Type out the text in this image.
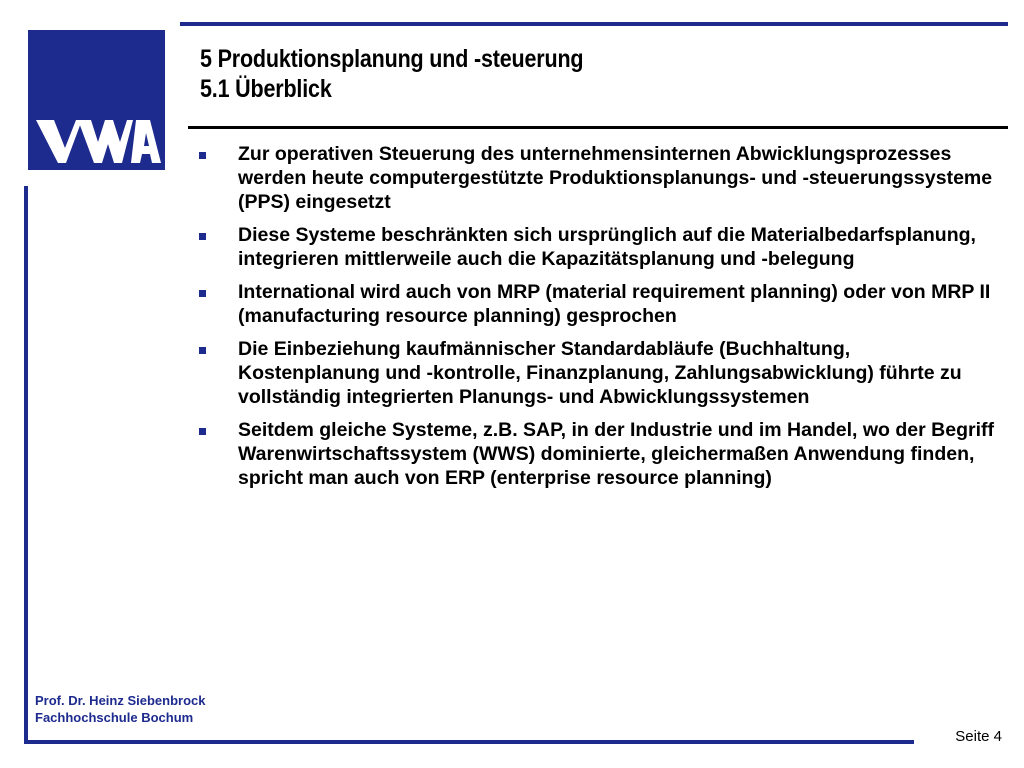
5 Produktionsplanung und -steuerung
5.1 Überblick
Zur operativen Steuerung des unternehmensinternen Abwicklungsprozesses werden heute computergestützte Produktionsplanungs- und -steuerungssysteme (PPS) eingesetzt
Diese Systeme beschränkten sich ursprünglich auf die Materialbedarfsplanung, integrieren mittlerweile auch die Kapazitätsplanung und -belegung
International wird auch von MRP (material requirement planning) oder von MRP II (manufacturing resource planning) gesprochen
Die Einbeziehung kaufmännischer Standardabläufe (Buchhaltung, Kostenplanung und -kontrolle, Finanzplanung, Zahlungsabwicklung) führte zu vollständig integrierten Planungs- und Abwicklungssystemen
Seitdem gleiche Systeme, z.B. SAP, in der Industrie und im Handel, wo der Begriff Warenwirtschaftssystem (WWS) dominierte, gleichermaßen Anwendung finden, spricht man auch von ERP (enterprise resource planning)
Prof. Dr. Heinz Siebenbrock
Fachhochschule Bochum
Seite 4
